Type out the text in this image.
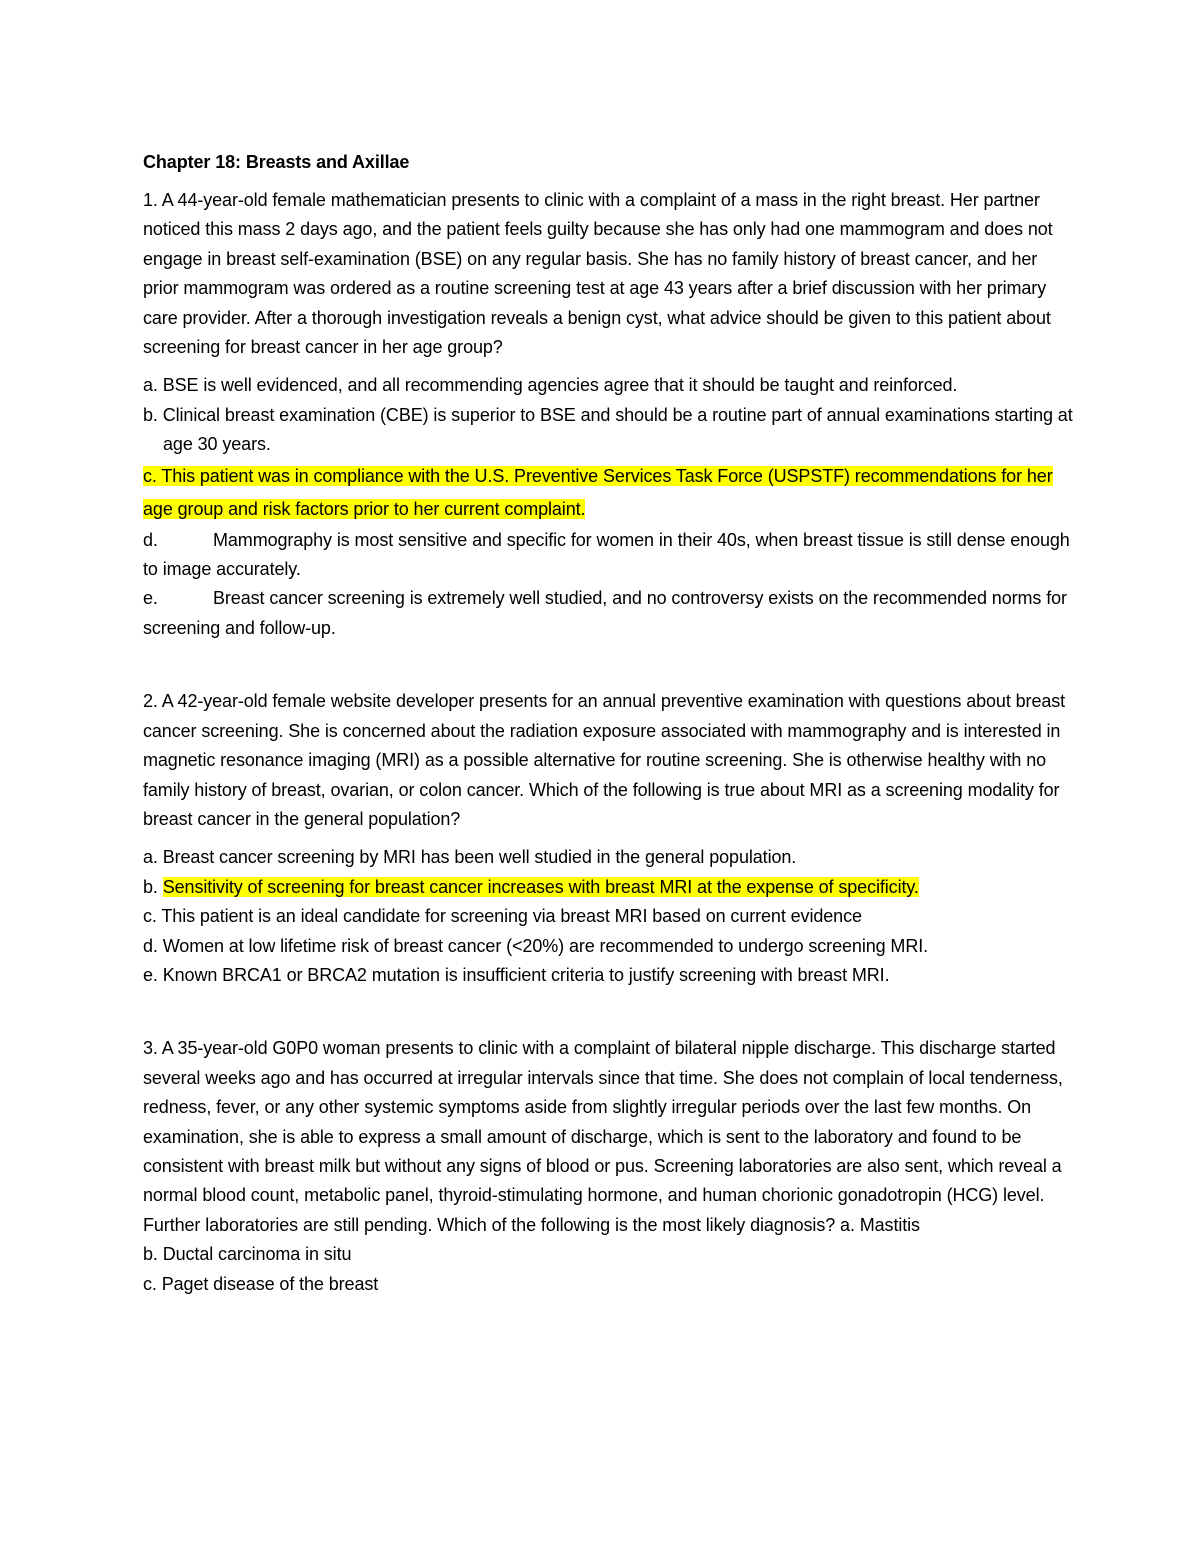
Chapter 18: Breasts and Axillae

1. A 44-year-old female mathematician presents to clinic with a complaint of a mass in the right breast. Her partner noticed this mass 2 days ago, and the patient feels guilty because she has only had one mammogram and does not engage in breast self-examination (BSE) on any regular basis. She has no family history of breast cancer, and her prior mammogram was ordered as a routine screening test at age 43 years after a brief discussion with her primary care provider. After a thorough investigation reveals a benign cyst, what advice should be given to this patient about screening for breast cancer in her age group?

a. BSE is well evidenced, and all recommending agencies agree that it should be taught and reinforced.

b. Clinical breast examination (CBE) is superior to BSE and should be a routine part of annual examinations starting at age 30 years.

c. This patient was in compliance with the U.S. Preventive Services Task Force (USPSTF) recommendations for her age group and risk factors prior to her current complaint.

d.	Mammography is most sensitive and specific for women in their 40s, when breast tissue is still dense enough to image accurately.

e.	Breast cancer screening is extremely well studied, and no controversy exists on the recommended norms for screening and follow-up.

2. A 42-year-old female website developer presents for an annual preventive examination with questions about breast cancer screening. She is concerned about the radiation exposure associated with mammography and is interested in magnetic resonance imaging (MRI) as a possible alternative for routine screening. She is otherwise healthy with no family history of breast, ovarian, or colon cancer. Which of the following is true about MRI as a screening modality for breast cancer in the general population?

a. Breast cancer screening by MRI has been well studied in the general population.

b. Sensitivity of screening for breast cancer increases with breast MRI at the expense of specificity.

c. This patient is an ideal candidate for screening via breast MRI based on current evidence

d. Women at low lifetime risk of breast cancer (<20%) are recommended to undergo screening MRI.

e. Known BRCA1 or BRCA2 mutation is insufficient criteria to justify screening with breast MRI.

3. A 35-year-old G0P0 woman presents to clinic with a complaint of bilateral nipple discharge. This discharge started several weeks ago and has occurred at irregular intervals since that time. She does not complain of local tenderness, redness, fever, or any other systemic symptoms aside from slightly irregular periods over the last few months. On examination, she is able to express a small amount of discharge, which is sent to the laboratory and found to be consistent with breast milk but without any signs of blood or pus. Screening laboratories are also sent, which reveal a normal blood count, metabolic panel, thyroid-stimulating hormone, and human chorionic gonadotropin (HCG) level. Further laboratories are still pending. Which of the following is the most likely diagnosis? a. Mastitis

b. Ductal carcinoma in situ

c. Paget disease of the breast
